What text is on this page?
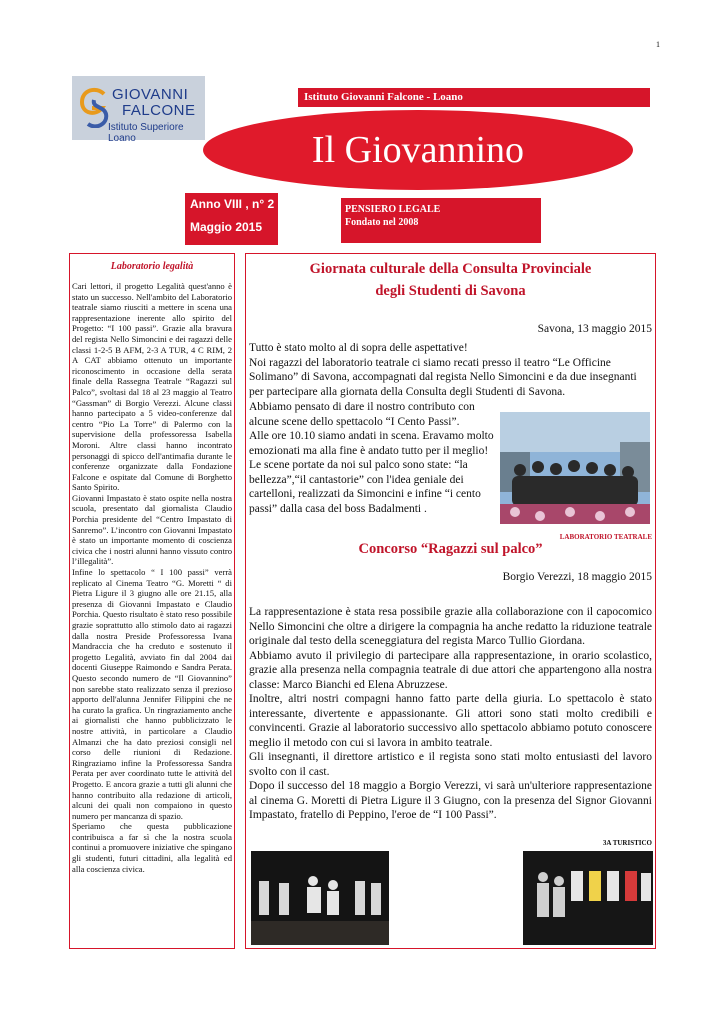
1
GIOVANNI
FALCONE
Istituto Superiore Loano
Istituto Giovanni Falcone - Loano
Il Giovannino
Anno VIII , n° 2
Maggio 2015
PENSIERO LEGALE
Fondato nel 2008
Laboratorio legalità
Cari lettori, il progetto Legalità quest'anno è stato un successo. Nell'ambito del Laboratorio teatrale siamo riusciti a mettere in scena una rappresentazione inerente allo spirito del Progetto: “I 100 passi”. Grazie alla bravura del regista Nello Simoncini e dei ragazzi delle classi 1-2-5 B AFM, 2-3 A TUR, 4 C RIM, 2 A CAT abbiamo ottenuto un importante riconoscimento in occasione della serata finale della Rassegna Teatrale “Ragazzi sul Palco”, svoltasi dal 18 al 23 maggio al Teatro “Gassman” di Borgio Verezzi. Alcune classi hanno partecipato a 5 video-conferenze dal centro “Pio La Torre” di Palermo con la supervisione della professoressa Isabella Moroni. Altre classi hanno incontrato personaggi di spicco dell'antimafia durante le conferenze organizzate dalla Fondazione Falcone e ospitate dal Comune di Borghetto Santo Spirito.
Giovanni Impastato è stato ospite nella nostra scuola, presentato dal giornalista Claudio Porchia presidente del “Centro Impastato di Sanremo”. L’incontro con Giovanni Impastato è stato un importante momento di coscienza civica che i nostri alunni hanno vissuto contro l’illegalità”.
Infine lo spettacolo “ I 100 passi” verrà replicato al Cinema Teatro “G. Moretti “ di Pietra Ligure il 3 giugno alle ore 21.15, alla presenza di Giovanni Impastato e Claudio Porchia. Questo risultato è stato reso possibile grazie soprattutto allo stimolo dato ai ragazzi dalla nostra Preside Professoressa Ivana Mandraccia che ha creduto e sostenuto il progetto Legalità, avviato fin dal 2004 dai docenti Giuseppe Raimondo e Sandra Perata. Questo secondo numero de “Il Giovannino” non sarebbe stato realizzato senza il prezioso apporto dell'alunna Jennifer Filippini che ne ha curato la grafica. Un ringraziamento anche ai giornalisti che hanno pubblicizzato le nostre attività, in particolare a Claudio Almanzi che ha dato preziosi consigli nel corso delle riunioni di Redazione. Ringraziamo infine la Professoressa Sandra Perata per aver coordinato tutte le attività del Progetto. E ancora grazie a tutti gli alunni che hanno contribuito alla redazione di articoli, alcuni dei quali non compaiono in questo numero per mancanza di spazio.
Speriamo che questa pubblicazione contribuisca a far sì che la nostra scuola continui a promuovere iniziative che spingano gli studenti, futuri cittadini, alla legalità ed alla coscienza civica.
Giornata culturale della Consulta Provinciale
degli Studenti di Savona
Savona, 13 maggio 2015
Tutto è stato molto al di sopra delle aspettative!
Noi ragazzi del laboratorio teatrale ci siamo recati presso il teatro “Le Officine Solimano” di Savona, accompagnati dal regista Nello Simoncini e da due insegnanti per partecipare alla giornata della Consulta degli Studenti di Savona.
Abbiamo pensato di dare il nostro contributo con alcune scene dello spettacolo “I Cento Passi”.
Alle ore 10.10 siamo andati in scena. Eravamo molto emozionati ma alla fine è andato tutto per il meglio!
Le scene portate da noi sul palco sono state: “la bellezza”,“il cantastorie” con l'idea geniale dei cartelloni, realizzati da Simoncini e infine “i cento passi” dalla casa del boss Badalmenti .
LABORATORIO TEATRALE
Concorso “Ragazzi sul palco”
Borgio Verezzi, 18 maggio 2015
La rappresentazione è stata resa possibile grazie alla collaborazione con il capocomico Nello Simoncini che oltre a dirigere la compagnia ha anche redatto la riduzione teatrale originale dal testo della sceneggiatura del regista Marco Tullio Giordana.
Abbiamo avuto il privilegio di partecipare alla rappresentazione, in orario scolastico, grazie alla presenza nella compagnia teatrale di due attori che appartengono alla nostra classe: Marco Bianchi ed Elena Abruzzese.
Inoltre, altri nostri compagni hanno fatto parte della giuria. Lo spettacolo è stato interessante, divertente e appassionante. Gli attori sono stati molto credibili e convincenti. Grazie al laboratorio successivo allo spettacolo abbiamo potuto conoscere meglio il metodo con cui si lavora in ambito teatrale.
Gli insegnanti, il direttore artistico e il regista sono stati molto entusiasti del lavoro svolto con il cast.
Dopo il successo del 18 maggio a Borgio Verezzi, vi sarà un'ulteriore rappresentazione al cinema G. Moretti di Pietra Ligure il 3 Giugno, con la presenza del Signor Giovanni Impastato, fratello di Peppino, l'eroe de “I 100 Passi”.
3A TURISTICO
